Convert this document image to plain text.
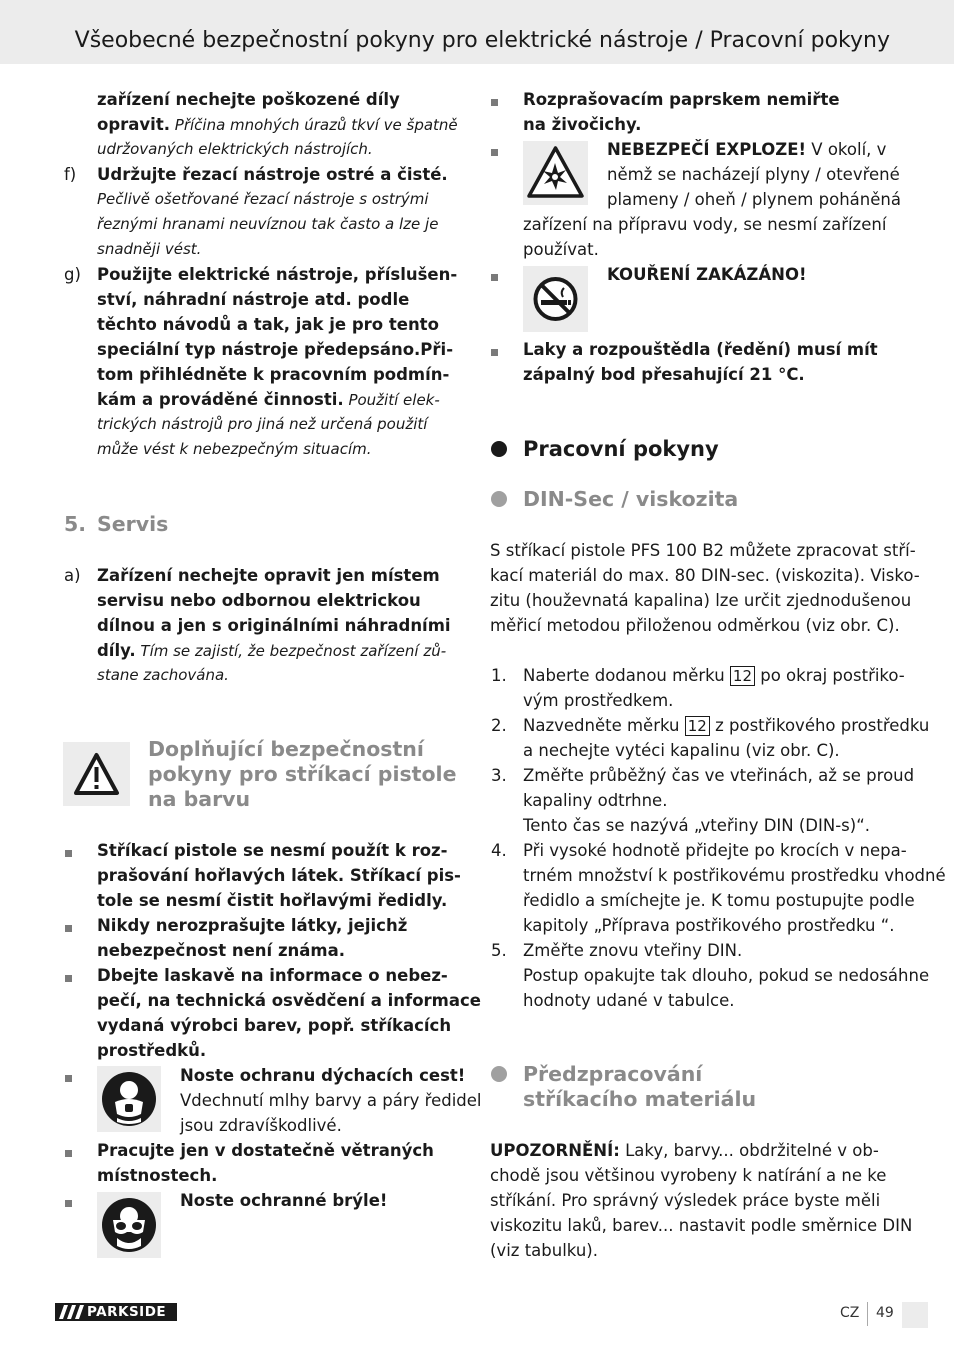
Všeobecné bezpečnostní pokyny pro elektrické nástroje / Pracovní pokyny
zařízení nechejte poškozené díly
opravit. Příčina mnohých úrazů tkví ve špatně
udržovaných elektrických nástrojích.
f) Udržujte řezací nástroje ostré a čisté.
Pečlivě ošetřované řezací nástroje s ostrými
řeznými hranami neuvíznou tak často a lze je
snadněji vést.
g) Použijte elektrické nástroje, příslušen-
ství, náhradní nástroje atd. podle
těchto návodů a tak, jak je pro tento
speciální typ nástroje předepsáno.Při-
tom přihlédněte k pracovním podmín-
kám a prováděné činnosti. Použití elek-
trických nástrojů pro jiná než určená použití
může vést k nebezpečným situacím.
5. Servis
a) Zařízení nechejte opravit jen místem
servisu nebo odbornou elektrickou
dílnou a jen s originálními náhradními
díly. Tím se zajistí, že bezpečnost zařízení zů-
stane zachována.
Doplňující bezpečnostní
pokyny pro stříkací pistole
na barvu
Stříkací pistole se nesmí použít k roz-
prašování hořlavých látek. Stříkací pis-
tole se nesmí čistit hořlavými ředidly.
Nikdy nerozprašujte látky, jejichž
nebezpečnost není známa.
Dbejte laskavě na informace o nebez-
pečí, na technická osvědčení a informace
vydaná výrobci barev, popř. stříkacích
prostředků.
Noste ochranu dýchacích cest!
Vdechnutí mlhy barvy a páry ředidel
jsou zdravíškodlivé.
Pracujte jen v dostatečně větraných
místnostech.
Noste ochranné brýle!
Rozprašovacím paprskem nemiřte
na živočichy.
NEBEZPEČÍ EXPLOZE! V okolí, v
němž se nacházejí plyny / otevřené
plameny / oheň / plynem poháněná
zařízení na přípravu vody, se nesmí zařízení
používat.
KOUŘENÍ ZAKÁZÁNO!
Laky a rozpouštědla (ředění) musí mít
zápalný bod přesahující 21 °C.
Pracovní pokyny
DIN-Sec / viskozita
S stříkací pistole PFS 100 B2 můžete zpracovat stří-
kací materiál do max. 80 DIN-sec. (viskozita). Visko-
zitu (houževnatá kapalina) lze určit zjednodušenou
měřicí metodou přiloženou odměrkou (viz obr. C).
1. Naberte dodanou měrku 12 po okraj postřiko-
vým prostředkem.
2. Nazvedněte měrku 12 z postřikového prostředku
a nechejte vytéci kapalinu (viz obr. C).
3. Změřte průběžný čas ve vteřinách, až se proud
kapaliny odtrhne.
Tento čas se nazývá „vteřiny DIN (DIN-s)“.
4. Při vysoké hodnotě přidejte po krocích v nepa-
trném množství k postřikovému prostředku vhodné
ředidlo a smíchejte je. K tomu postupujte podle
kapitoly „Příprava postřikového prostředku “.
5. Změřte znovu vteřiny DIN.
Postup opakujte tak dlouho, pokud se nedosáhne
hodnoty udané v tabulce.
Předzpracování
stříkacího materiálu
UPOZORNĚNÍ: Laky, barvy... obdržitelné v ob-
chodě jsou většinou vyrobeny k natírání a ne ke
stříkání. Pro správný výsledek práce byste měli
viskozitu laků, barev... nastavit podle směrnice DIN
(viz tabulku).
PARKSIDE	CZ 49
